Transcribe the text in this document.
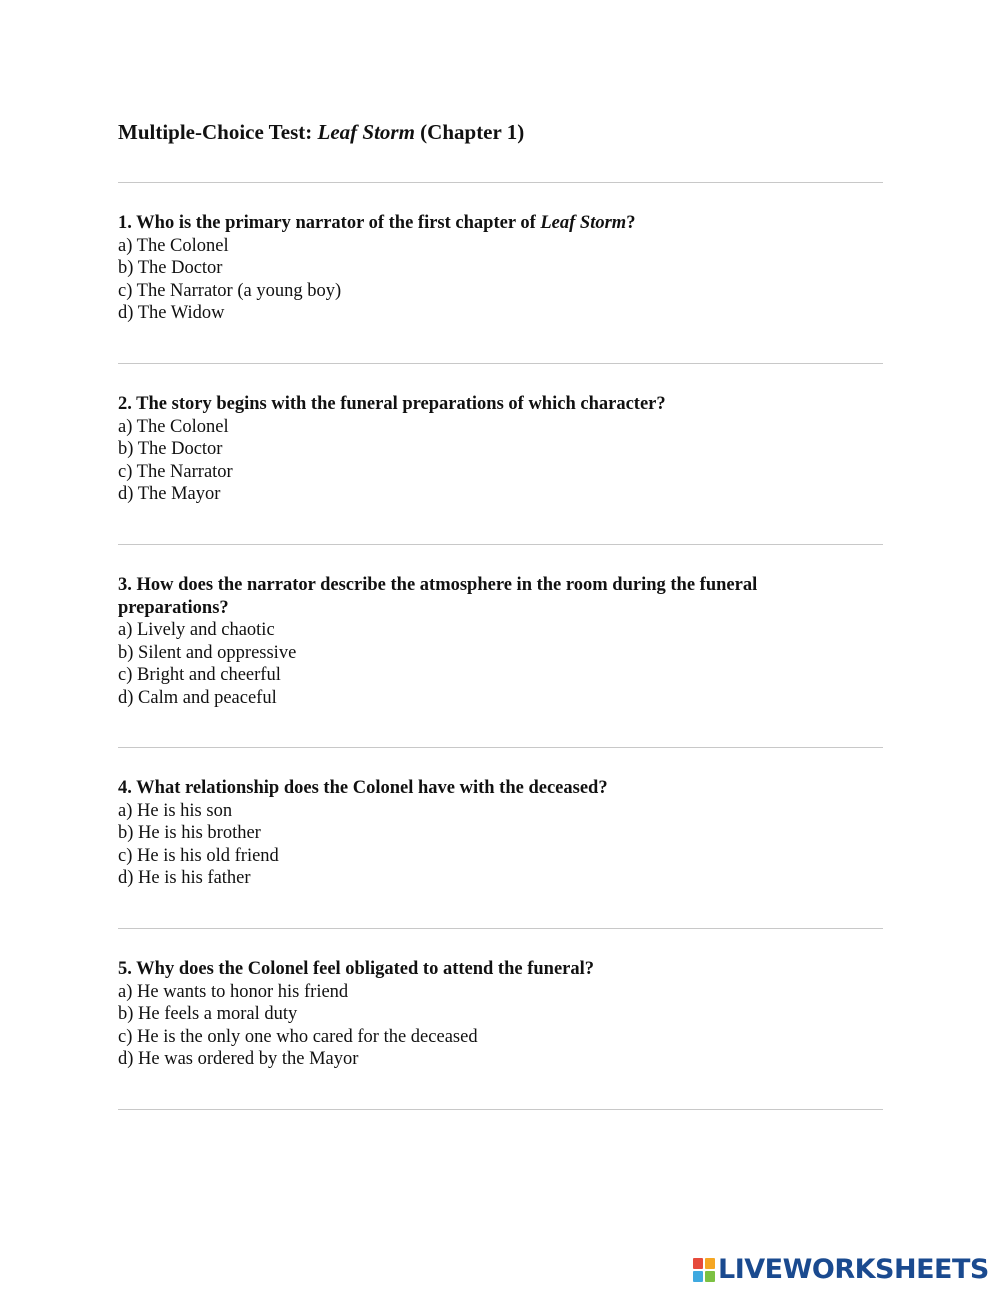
Multiple-Choice Test: Leaf Storm (Chapter 1)

1. Who is the primary narrator of the first chapter of Leaf Storm?

a) The Colonel
b) The Doctor
c) The Narrator (a young boy)
d) The Widow

2. The story begins with the funeral preparations of which character?

a) The Colonel
b) The Doctor
c) The Narrator
d) The Mayor

3. How does the narrator describe the atmosphere in the room during the funeral preparations?

a) Lively and chaotic
b) Silent and oppressive
c) Bright and cheerful
d) Calm and peaceful

4. What relationship does the Colonel have with the deceased?

a) He is his son
b) He is his brother
c) He is his old friend
d) He is his father

5. Why does the Colonel feel obligated to attend the funeral?

a) He wants to honor his friend
b) He feels a moral duty
c) He is the only one who cared for the deceased
d) He was ordered by the Mayor
LIVEWORKSHEETS
